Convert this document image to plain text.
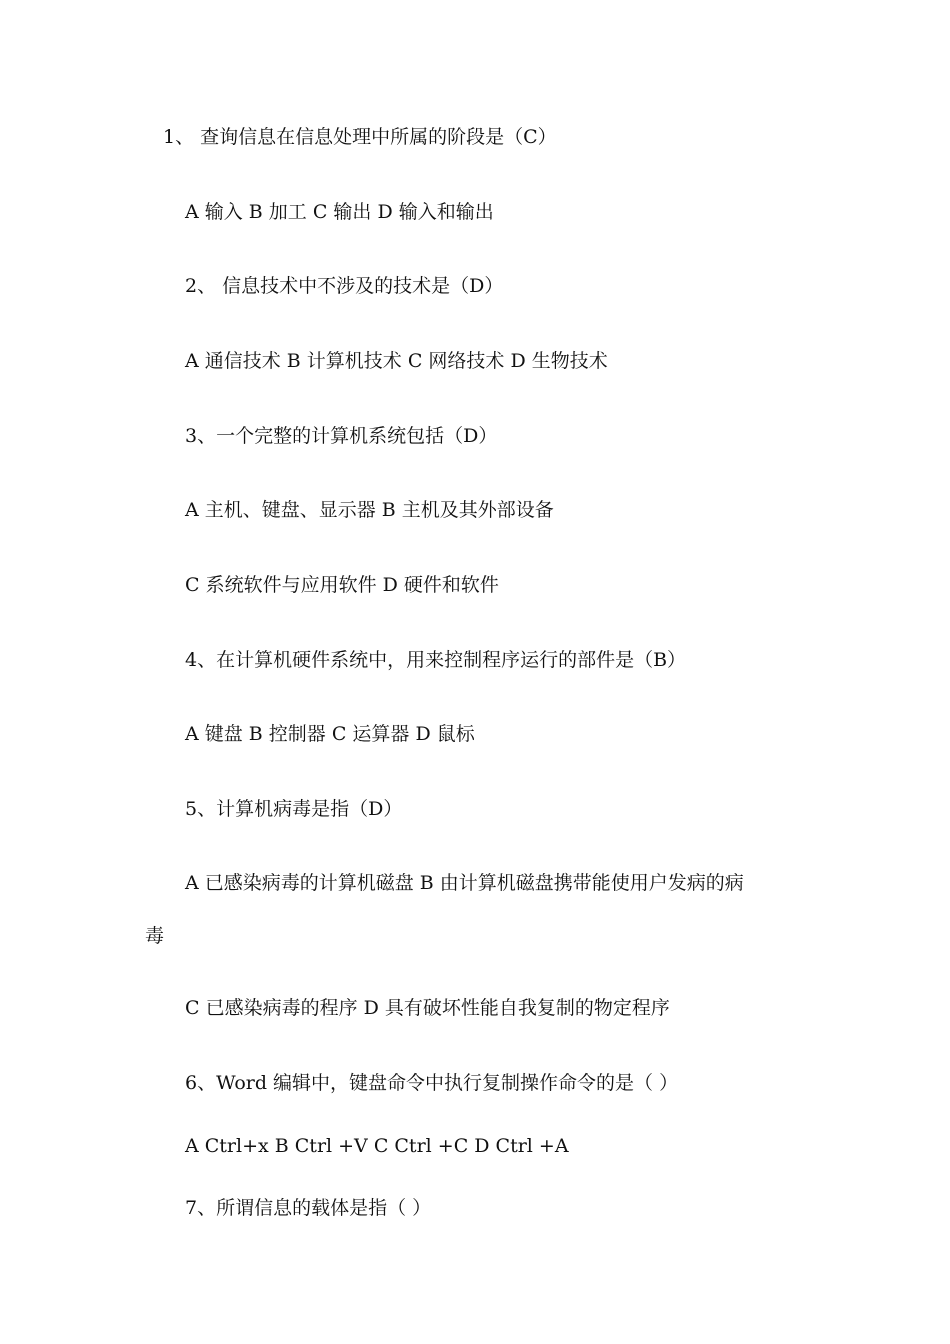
1、 查询信息在信息处理中所属的阶段是（C）
A 输入 B 加工 C 输出 D 输入和输出
2、 信息技术中不涉及的技术是（D）
A 通信技术 B 计算机技术 C 网络技术 D 生物技术
3、一个完整的计算机系统包括（D）
A 主机、键盘、显示器 B 主机及其外部设备
C 系统软件与应用软件 D 硬件和软件
4、在计算机硬件系统中，用来控制程序运行的部件是（B）
A 键盘 B 控制器 C 运算器 D 鼠标
5、计算机病毒是指（D）
A 已感染病毒的计算机磁盘 B 由计算机磁盘携带能使用户发病的病
毒
C 已感染病毒的程序 D 具有破坏性能自我复制的物定程序
6、Word 编辑中，键盘命令中执行复制操作命令的是（ ）
A Ctrl+x B Ctrl +V C Ctrl +C D Ctrl +A
7、所谓信息的载体是指（ ）
